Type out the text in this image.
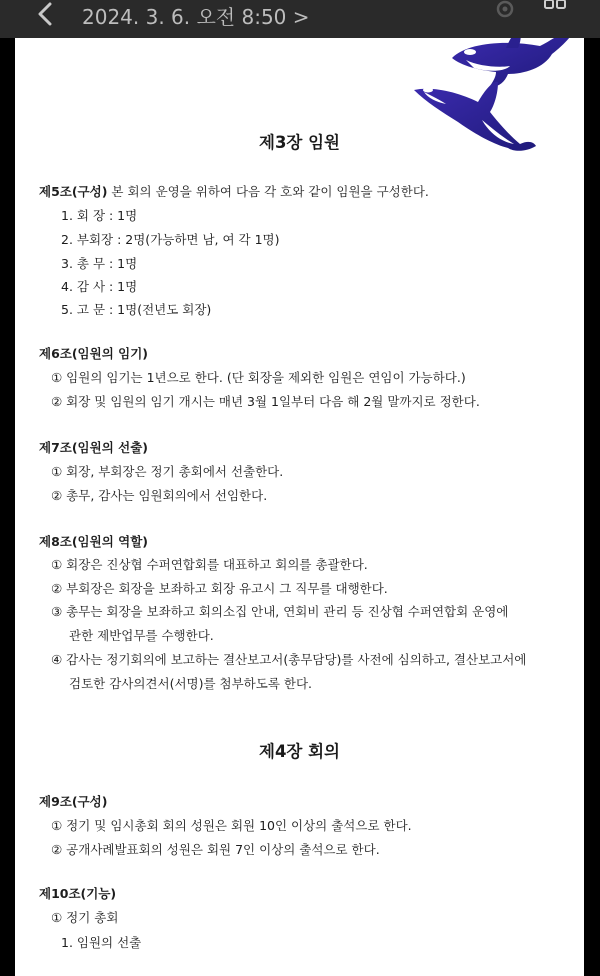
2024. 3. 6. 오전 8:50 >
제3장 임원
제5조(구성) 본 회의 운영을 위하여 다음 각 호와 같이 임원을 구성한다.
1. 회 장 : 1명
2. 부회장 : 2명(가능하면 남, 여 각 1명)
3. 총 무 : 1명
4. 감 사 : 1명
5. 고 문 : 1명(전년도 회장)
제6조(임원의 임기)
① 임원의 임기는 1년으로 한다. (단 회장을 제외한 임원은 연임이 가능하다.)
② 회장 및 임원의 임기 개시는 매년 3월 1일부터 다음 해 2월 말까지로 정한다.
제7조(임원의 선출)
① 회장, 부회장은 정기 총회에서 선출한다.
② 총무, 감사는 임원회의에서 선임한다.
제8조(임원의 역할)
① 회장은 진상협 수퍼연합회를 대표하고 회의를 총괄한다.
② 부회장은 회장을 보좌하고 회장 유고시 그 직무를 대행한다.
③ 총무는 회장을 보좌하고 회의소집 안내, 연회비 관리 등 진상협 수퍼연합회 운영에
관한 제반업무를 수행한다.
④ 감사는 정기회의에 보고하는 결산보고서(총무담당)를 사전에 심의하고, 결산보고서에
검토한 감사의견서(서명)를 첨부하도록 한다.
제4장 회의
제9조(구성)
① 정기 및 임시총회 회의 성원은 회원 10인 이상의 출석으로 한다.
② 공개사례발표회의 성원은 회원 7인 이상의 출석으로 한다.
제10조(기능)
① 정기 총회
1. 임원의 선출
